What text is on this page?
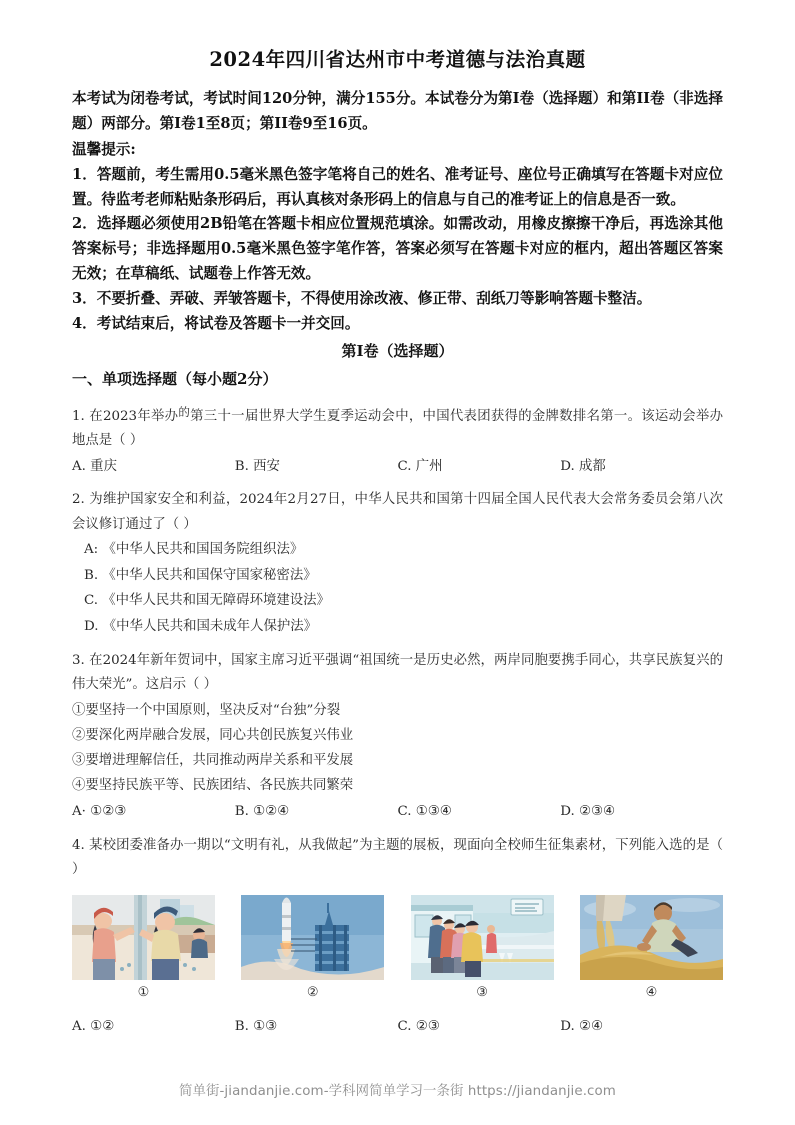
2024年四川省达州市中考道德与法治真题
本考试为闭卷考试，考试时间120分钟，满分155分。本试卷分为第I卷（选择题）和第II卷（非选择题）两部分。第I卷1至8页；第II卷9至16页。
温馨提示:
1．答题前，考生需用0.5毫米黑色签字笔将自己的姓名、准考证号、座位号正确填写在答题卡对应位置。待监考老师粘贴条形码后，再认真核对条形码上的信息与自己的准考证上的信息是否一致。
2．选择题必须使用2B铅笔在答题卡相应位置规范填涂。如需改动，用橡皮擦擦干净后，再选涂其他答案标号；非选择题用0.5毫米黑色签字笔作答，答案必须写在答题卡对应的框内，超出答题区答案无效；在草稿纸、试题卷上作答无效。
3．不要折叠、弄破、弄皱答题卡，不得使用涂改液、修正带、刮纸刀等影响答题卡整洁。
4．考试结束后，将试卷及答题卡一并交回。
第Ⅰ卷（选择题）
一、单项选择题（每小题2分）
1. 在2023年举办的第三十一届世界大学生夏季运动会中，中国代表团获得的金牌数排名第一。该运动会举办地点是（ ）
A. 重庆	B. 西安	C. 广州	D. 成都
2. 为维护国家安全和利益，2024年2月27日，中华人民共和国第十四届全国人民代表大会常务委员会第八次会议修订通过了（ ）
A: 《中华人民共和国国务院组织法》
B. 《中华人民共和国保守国家秘密法》
C. 《中华人民共和国无障碍环境建设法》
D. 《中华人民共和国未成年人保护法》
3. 在2024年新年贺词中，国家主席习近平强调“祖国统一是历史必然，两岸同胞要携手同心，共享民族复兴的伟大荣光”。这启示（ ）
①要坚持一个中国原则，坚决反对“台独”分裂
②要深化两岸融合发展，同心共创民族复兴伟业
③要增进理解信任，共同推动两岸关系和平发展
④要坚持民族平等、民族团结、各民族共同繁荣
A· ①②③	B. ①②④	C. ①③④	D. ②③④
4. 某校团委准备办一期以“文明有礼，从我做起”为主题的展板，现面向全校师生征集素材，下列能入选的是（ ）
①	②	③	④
A. ①②	B. ①③	C. ②③	D. ②④
简单街-jiandanjie.com-学科网简单学习一条街 https://jiandanjie.com
